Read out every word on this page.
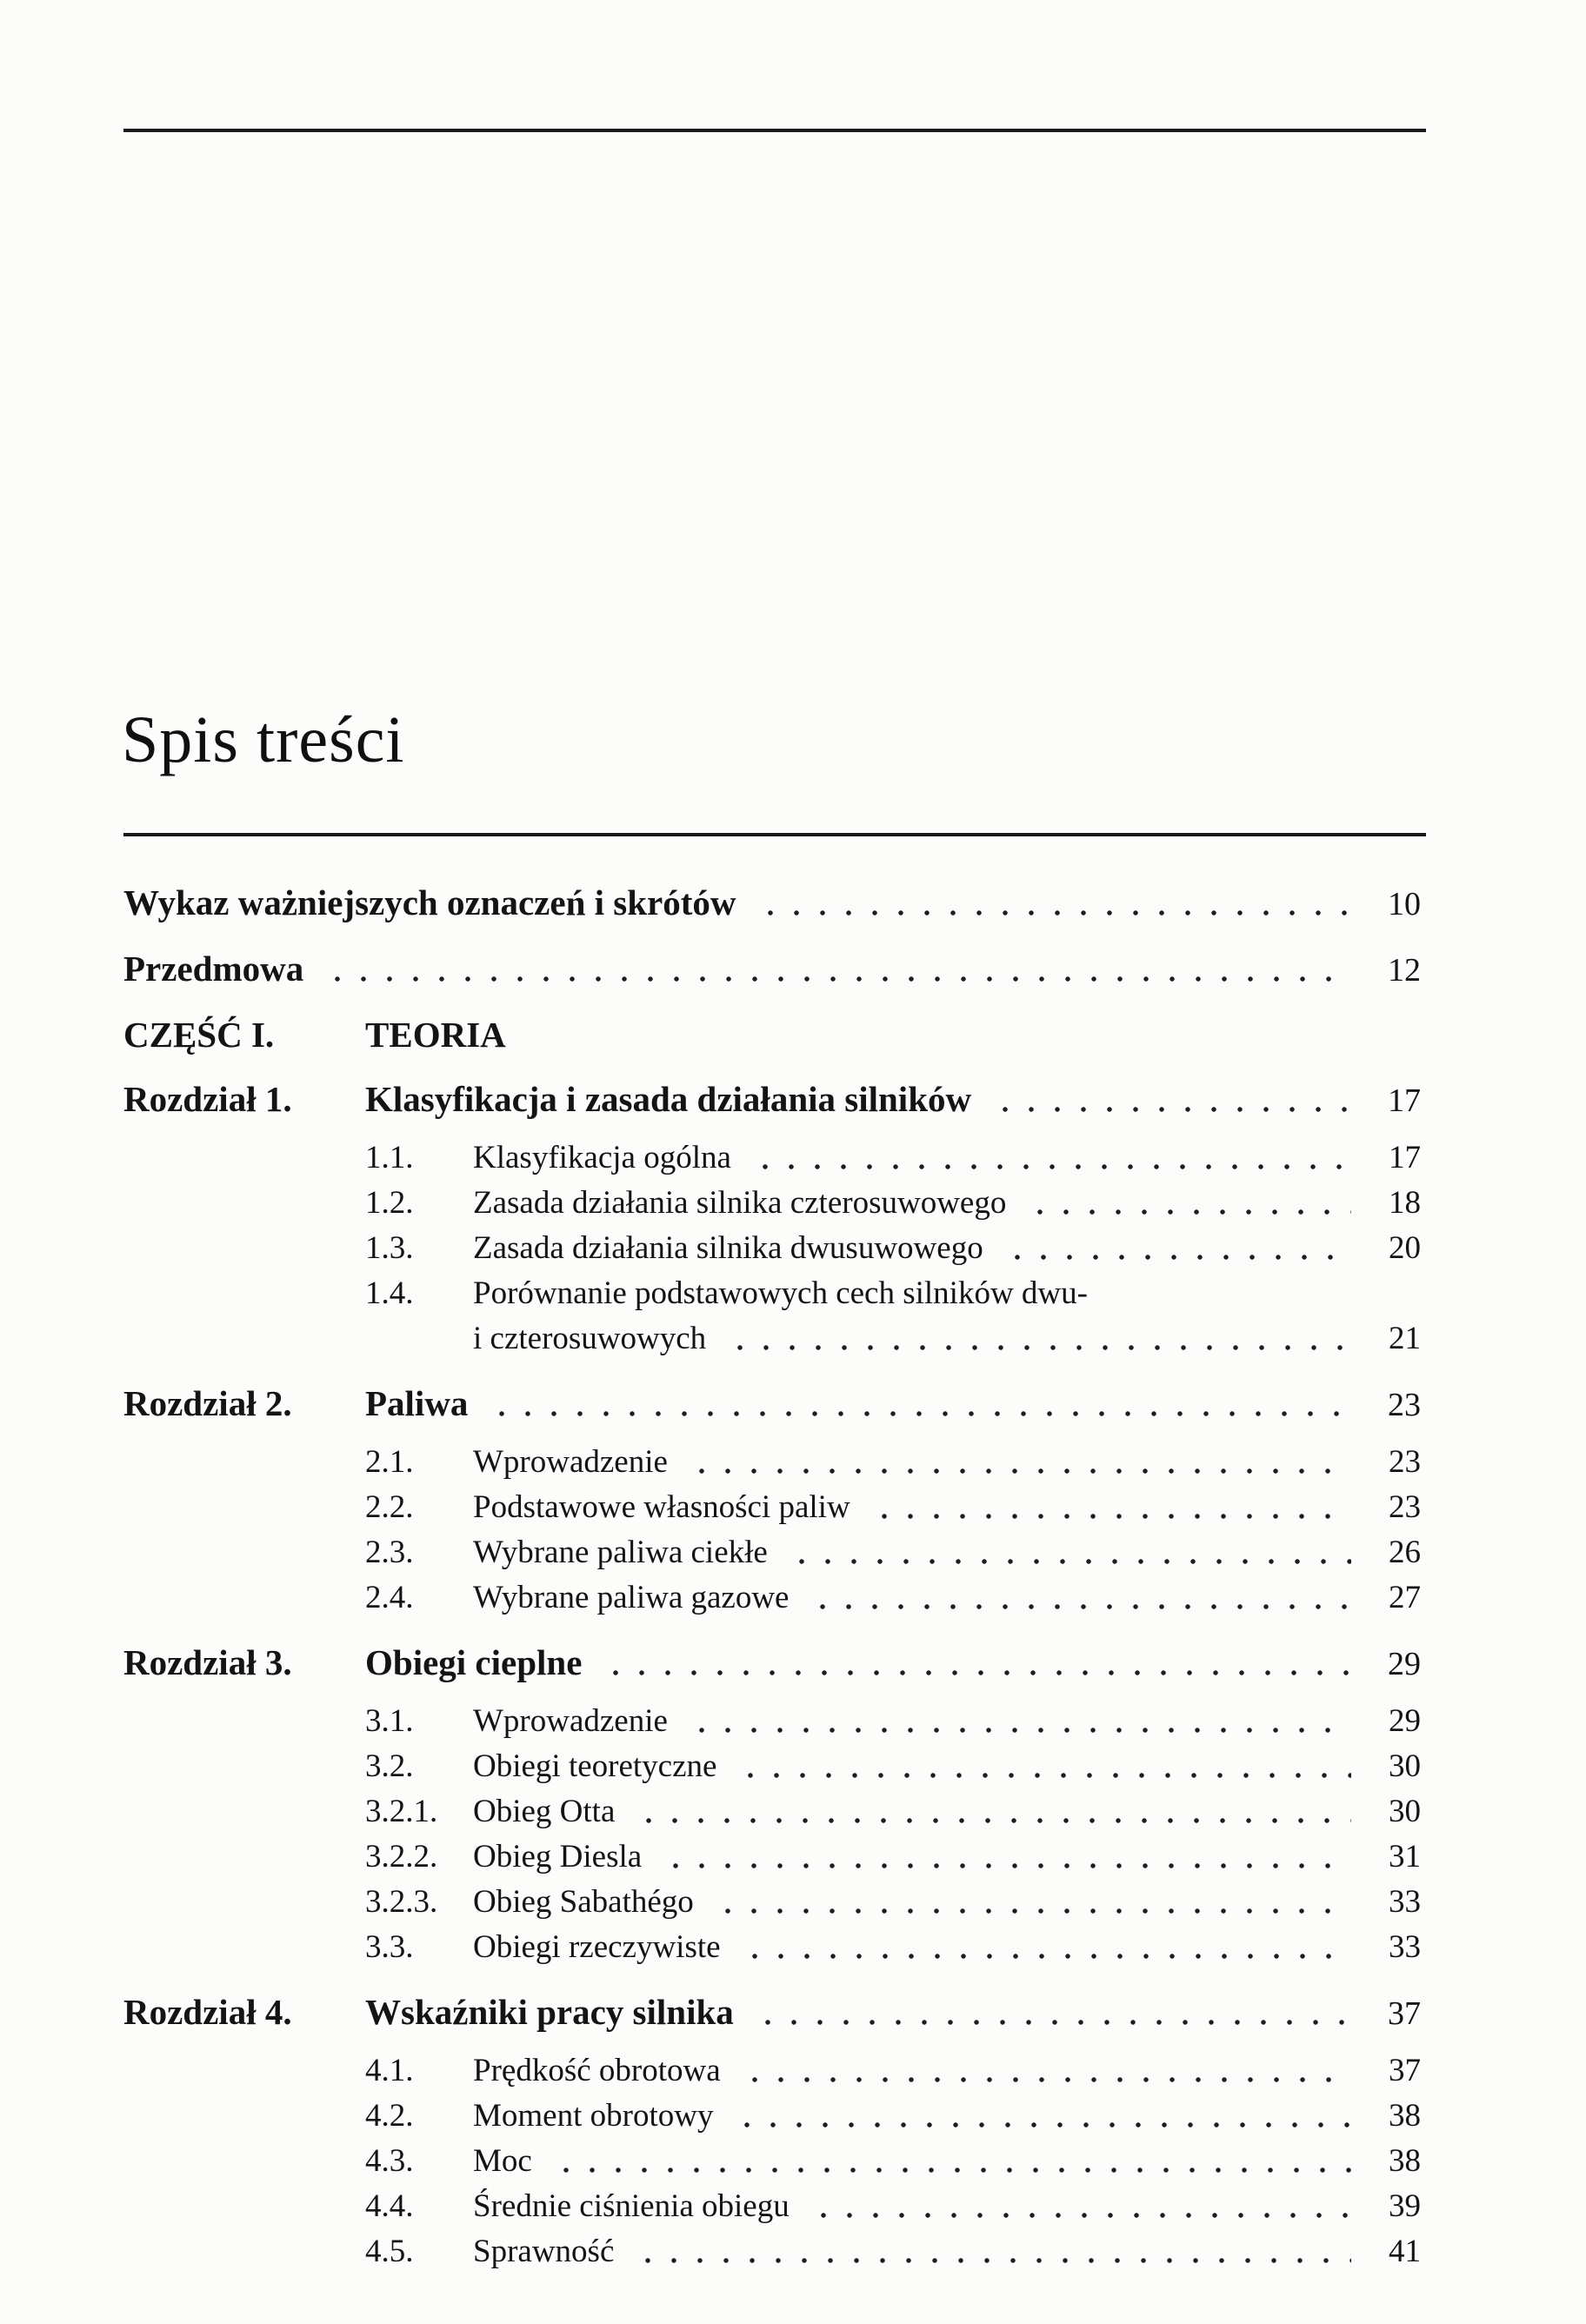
Spis treści
Wykaz ważniejszych oznaczeń i skrótów	10
Przedmowa	12
CZĘŚĆ I.	TEORIA
Rozdział 1.	Klasyfikacja i zasada działania silników	17
1.1.	Klasyfikacja ogólna	17
1.2.	Zasada działania silnika czterosuwowego	18
1.3.	Zasada działania silnika dwusuwowego	20
1.4.	Porównanie podstawowych cech silników dwu-
i czterosuwowych	21
Rozdział 2.	Paliwa	23
2.1.	Wprowadzenie	23
2.2.	Podstawowe własności paliw	23
2.3.	Wybrane paliwa ciekłe	26
2.4.	Wybrane paliwa gazowe	27
Rozdział 3.	Obiegi cieplne	29
3.1.	Wprowadzenie	29
3.2.	Obiegi teoretyczne	30
3.2.1.	Obieg Otta	30
3.2.2.	Obieg Diesla	31
3.2.3.	Obieg Sabathégo	33
3.3.	Obiegi rzeczywiste	33
Rozdział 4.	Wskaźniki pracy silnika	37
4.1.	Prędkość obrotowa	37
4.2.	Moment obrotowy	38
4.3.	Moc	38
4.4.	Średnie ciśnienia obiegu	39
4.5.	Sprawność	41
